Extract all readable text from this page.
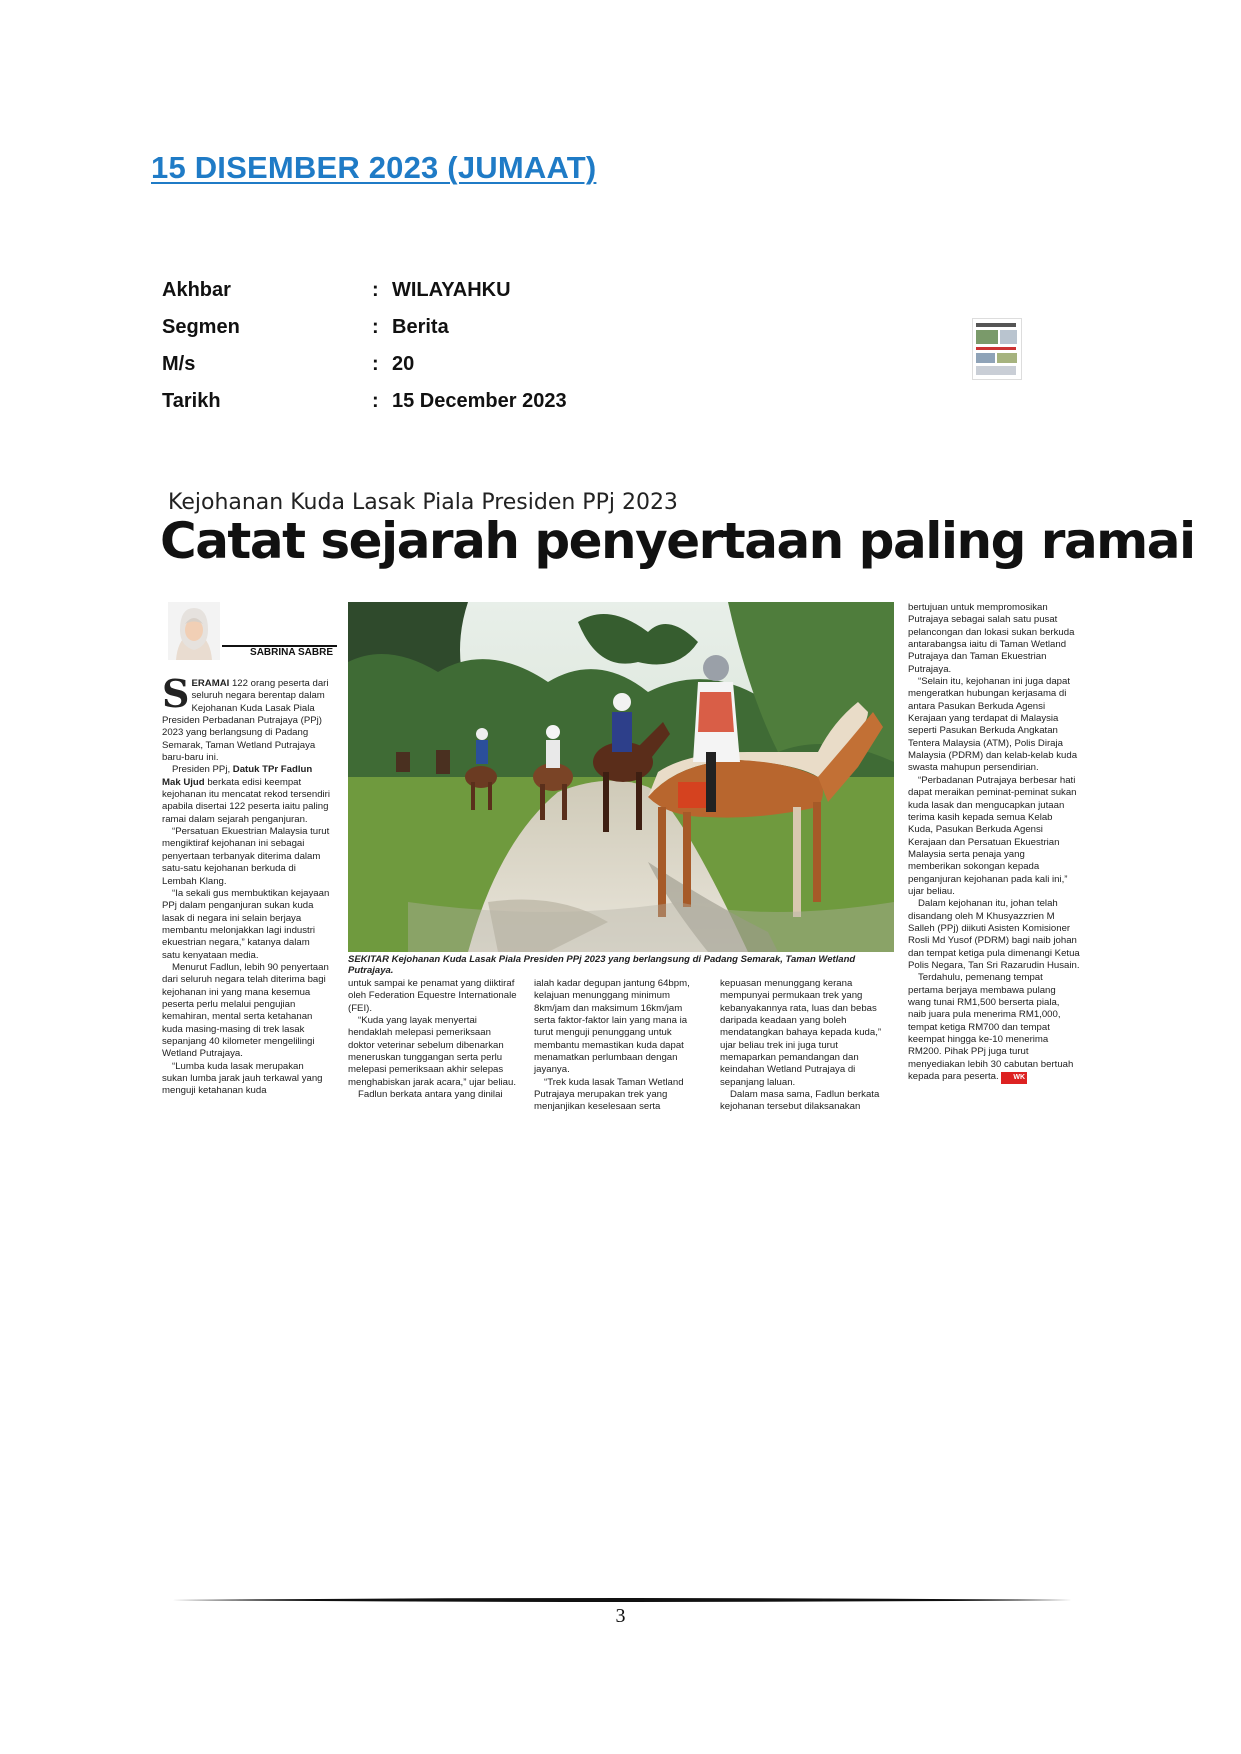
15 DISEMBER 2023 (JUMAAT)
Akhbar	: WILAYAHKU
Segmen	: Berita
M/s	: 20
Tarikh	: 15 December 2023
Kejohanan Kuda Lasak Piala Presiden PPj 2023
Catat sejarah penyertaan paling ramai
SABRINA SABRE
SEKITAR Kejohanan Kuda Lasak Piala Presiden PPj 2023 yang berlangsung di Padang Semarak, Taman Wetland Putrajaya.

SERAMAI 122 orang peserta dari seluruh negara berentap dalam Kejohanan Kuda Lasak Piala Presiden Perbadanan Putrajaya (PPj) 2023 yang berlangsung di Padang Semarak, Taman Wetland Putrajaya baru-baru ini.

Presiden PPj, Datuk TPr Fadlun Mak Ujud berkata edisi keempat kejohanan itu mencatat rekod tersendiri apabila disertai 122 peserta iaitu paling ramai dalam sejarah penganjuran.

“Persatuan Ekuestrian Malaysia turut mengiktiraf kejohanan ini sebagai penyertaan terbanyak diterima dalam satu-satu kejohanan berkuda di Lembah Klang.

“Ia sekali gus membuktikan kejayaan PPj dalam penganjuran sukan kuda lasak di negara ini selain berjaya membantu melonjakkan lagi industri ekuestrian negara,” katanya dalam satu kenyataan media.

Menurut Fadlun, lebih 90 penyertaan dari seluruh negara telah diterima bagi kejohanan ini yang mana kesemua peserta perlu melalui pengujian kemahiran, mental serta ketahanan kuda masing-masing di trek lasak sepanjang 40 kilometer mengelilingi Wetland Putrajaya.

“Lumba kuda lasak merupakan sukan lumba jarak jauh terkawal yang menguji ketahanan kuda

untuk sampai ke penamat yang diiktiraf oleh Federation Equestre Internationale (FEI).

“Kuda yang layak menyertai hendaklah melepasi pemeriksaan doktor veterinar sebelum dibenarkan meneruskan tunggangan serta perlu melepasi pemeriksaan akhir selepas menghabiskan jarak acara,” ujar beliau.

Fadlun berkata antara yang dinilai

ialah kadar degupan jantung 64bpm, kelajuan menunggang minimum 8km/jam dan maksimum 16km/jam serta faktor-faktor lain yang mana ia turut menguji penunggang untuk membantu memastikan kuda dapat menamatkan perlumbaan dengan jayanya.

“Trek kuda lasak Taman Wetland Putrajaya merupakan trek yang menjanjikan keselesaan serta

kepuasan menunggang kerana mempunyai permukaan trek yang kebanyakannya rata, luas dan bebas daripada keadaan yang boleh mendatangkan bahaya kepada kuda,” ujar beliau trek ini juga turut memaparkan pemandangan dan keindahan Wetland Putrajaya di sepanjang laluan.

Dalam masa sama, Fadlun berkata kejohanan tersebut dilaksanakan

bertujuan untuk mempromosikan Putrajaya sebagai salah satu pusat pelancongan dan lokasi sukan berkuda antarabangsa iaitu di Taman Wetland Putrajaya dan Taman Ekuestrian Putrajaya.

“Selain itu, kejohanan ini juga dapat mengeratkan hubungan kerjasama di antara Pasukan Berkuda Agensi Kerajaan yang terdapat di Malaysia seperti Pasukan Berkuda Angkatan Tentera Malaysia (ATM), Polis Diraja Malaysia (PDRM) dan kelab-kelab kuda swasta mahupun persendirian.

“Perbadanan Putrajaya berbesar hati dapat meraikan peminat-peminat sukan kuda lasak dan mengucapkan jutaan terima kasih kepada semua Kelab Kuda, Pasukan Berkuda Agensi Kerajaan dan Persatuan Ekuestrian Malaysia serta penaja yang memberikan sokongan kepada penganjuran kejohanan pada kali ini,” ujar beliau.

Dalam kejohanan itu, johan telah disandang oleh M Khusyazzrien M Salleh (PPj) diikuti Asisten Komisioner Rosli Md Yusof (PDRM) bagi naib johan dan tempat ketiga pula dimenangi Ketua Polis Negara, Tan Sri Razarudin Husain.

Terdahulu, pemenang tempat pertama berjaya membawa pulang wang tunai RM1,500 berserta piala, naib juara pula menerima RM1,000, tempat ketiga RM700 dan tempat keempat hingga ke-10 menerima RM200. Pihak PPj juga turut menyediakan lebih 30 cabutan bertuah kepada para peserta. WK

3
